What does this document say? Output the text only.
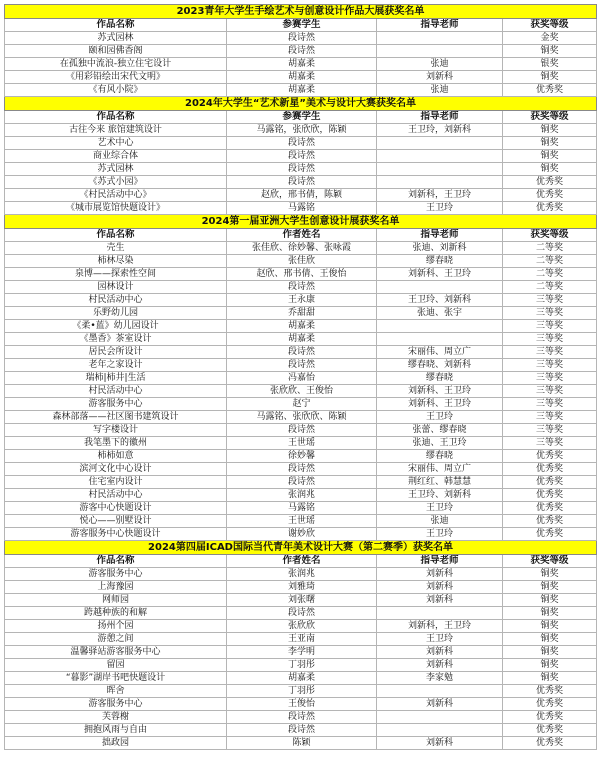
2023青年大学生手绘艺术与创意设计作品大展获奖名单			
作品名称	参赛学生	指导老师	获奖等级
苏式园林	段诗然		金奖
颐和园佛香阁	段诗然		铜奖
在孤独中流浪-独立住宅设计	胡嘉柔	张迪	银奖
《用彩铅绘出宋代文明》	胡嘉柔	刘新科	铜奖
《有风小院》	胡嘉柔	张迪	优秀奖
2024年大学生“艺术新星”美术与设计大赛获奖名单			
作品名称	参赛学生	指导老师	获奖等级
古往今来 旅馆建筑设计	马露铭，张欣欣，陈颖	王卫玲，刘新科	铜奖
艺术中心	段诗然		铜奖
商业综合体	段诗然		铜奖
苏式园林	段诗然		铜奖
《苏式小园》	段诗然		优秀奖
《村民活动中心》	赵欣，邢书倩，陈颖	刘新科，王卫玲	优秀奖
《城市展览馆快题设计》	马露铭	王卫玲	优秀奖
2024第一届亚洲大学生创意设计展获奖名单			
作品名称	作者姓名	指导老师	获奖等级
壳生	张佳欣、徐妙馨、张咏霞	张迪、刘新科	二等奖
柿林尽染	张佳欣	缪春晓	二等奖
泉博——探索性空间	赵欣、邢书倩、王俊怡	刘新科、王卫玲	二等奖
园林设计	段诗然		二等奖
村民活动中心	王永康	王卫玲、刘新科	三等奖
乐野幼儿园	乔甜甜	张迪、张宇	三等奖
《柔•蓝》幼儿园设计	胡嘉柔		三等奖
《墨香》茶室设计	胡嘉柔		三等奖
居民会所设计	段诗然	宋丽伟、周立广	三等奖
老年之家设计	段诗然	缪春晓、刘新科	三等奖
瑞柿|柿井|生活	冯嘉怡	缪春晓	三等奖
村民活动中心	张欣欣、王俊怡	刘新科、王卫玲	三等奖
游客服务中心	赵宁	刘新科、王卫玲	三等奖
森林部落——社区图书建筑设计	马露铭、张欣欣、陈颖	王卫玲	三等奖
写字楼设计	段诗然	张蕾、缪春晓	三等奖
我笔墨下的徽州	王世瑶	张迪、王卫玲	三等奖
柿柿如意	徐妙馨	缪春晓	优秀奖
滨河文化中心设计	段诗然	宋丽伟、周立广	优秀奖
住宅室内设计	段诗然	荆红红、韩慧慧	优秀奖
村民活动中心	张润兆	王卫玲、刘新科	优秀奖
游客中心快题设计	马露铭	王卫玲	优秀奖
悦心——别墅设计	王世瑶	张迪	优秀奖
游客服务中心快题设计	谢妙欣	王卫玲	优秀奖
2024第四届ICAD国际当代青年美术设计大赛（第二赛季）获奖名单			
作品名称	作者姓名	指导老师	获奖等级
游客服务中心	张润兆	刘新科	铜奖
上海豫园	刘雅琦	刘新科	铜奖
网师园	刘张曙	刘新科	铜奖
跨越种族的和解	段诗然		铜奖
扬州个园	张欣欣	刘新科，王卫玲	铜奖
游憩之间	王亚南	王卫玲	铜奖
温馨驿站游客服务中心	李学明	刘新科	铜奖
留园	丁羽彤	刘新科	铜奖
“暮影”湖岸书吧快题设计	胡嘉柔	李家勉	铜奖
晖舍	丁羽彤		优秀奖
游客服务中心	王俊怡	刘新科	优秀奖
芙蓉榭	段诗然		优秀奖
拥抱风雨与自由	段诗然		优秀奖
拙政园	陈颖	刘新科	优秀奖
